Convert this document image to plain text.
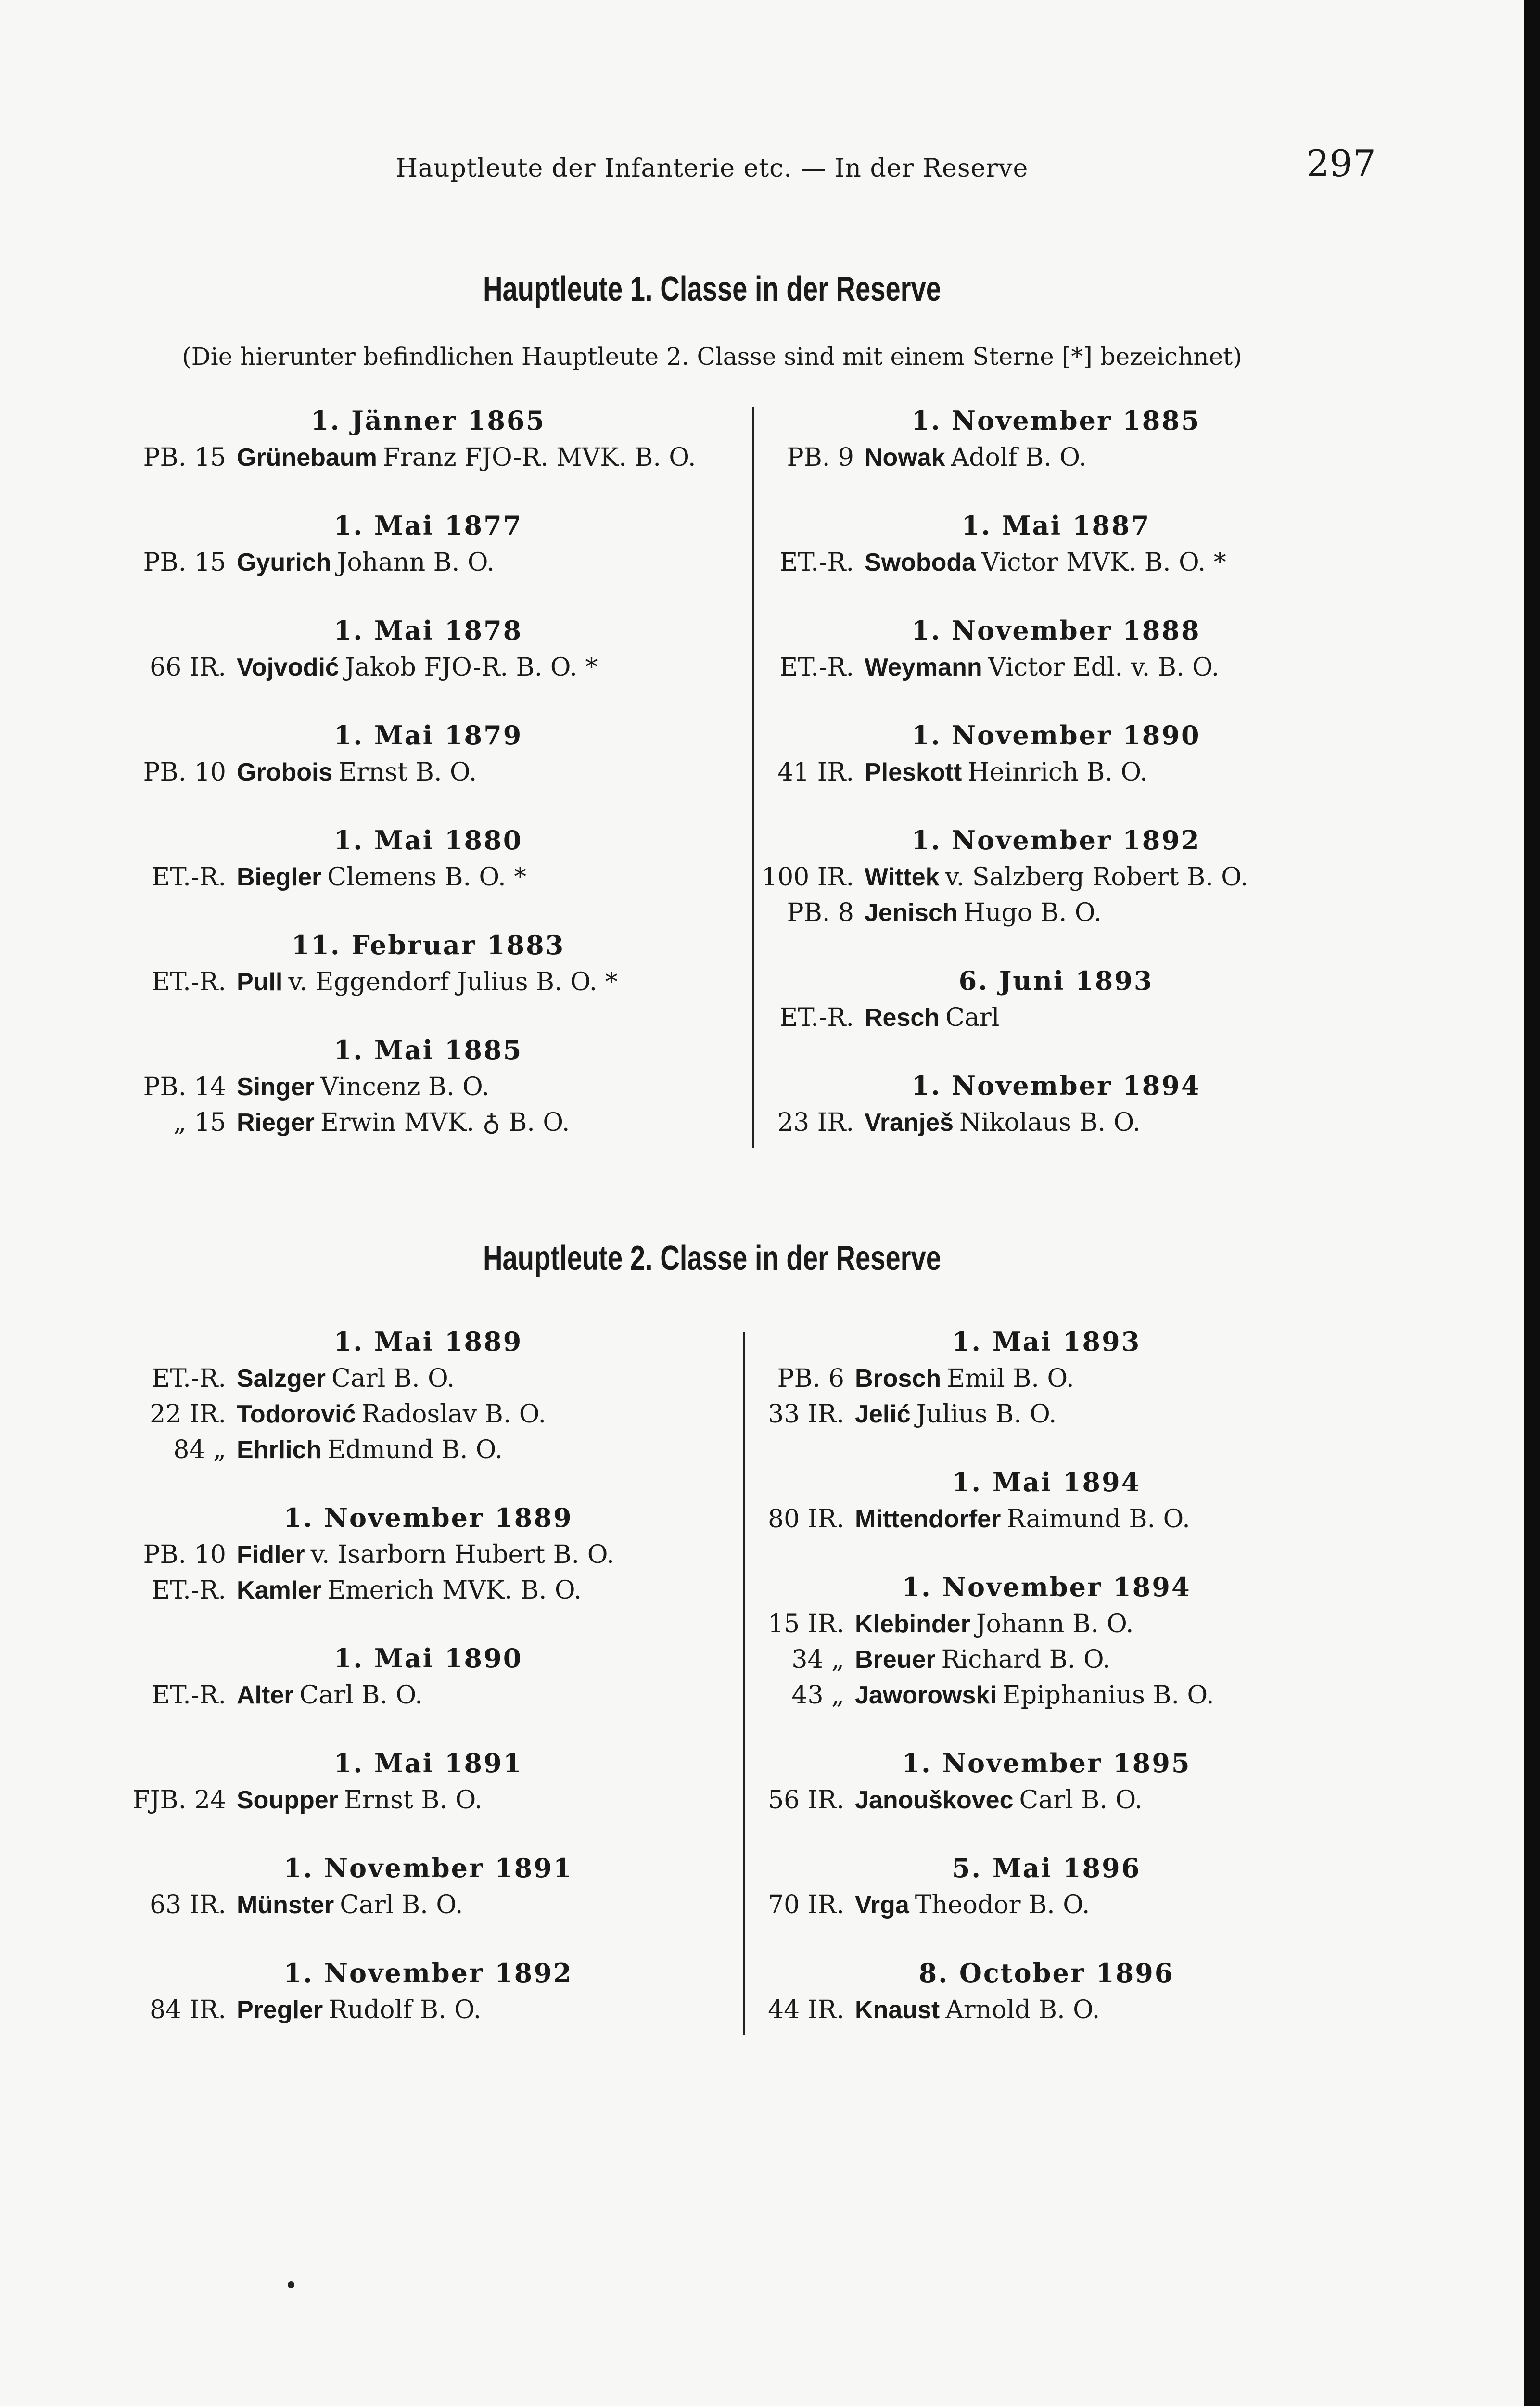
Hauptleute der Infanterie etc. — In der Reserve	297
Hauptleute 1. Classe in der Reserve
(Die hierunter befindlichen Hauptleute 2. Classe sind mit einem Sterne [*] bezeichnet)
1. Jänner 1865
PB. 15 Grünebaum Franz FJO-R. MVK. B. O.
1. Mai 1877
PB. 15 Gyurich Johann B. O.
1. Mai 1878
66 IR. Vojvodić Jakob FJO-R. B. O. *
1. Mai 1879
PB. 10 Grobois Ernst B. O.
1. Mai 1880
ET.-R. Biegler Clemens B. O. *
11. Februar 1883
ET.-R. Pull v. Eggendorf Julius B. O. *
1. Mai 1885
PB. 14 Singer Vincenz B. O.
„ 15 Rieger Erwin MVK. ♁ B. O.
1. November 1885
PB. 9 Nowak Adolf B. O.
1. Mai 1887
ET.-R. Swoboda Victor MVK. B. O. *
1. November 1888
ET.-R. Weymann Victor Edl. v. B. O.
1. November 1890
41 IR. Pleskott Heinrich B. O.
1. November 1892
100 IR. Wittek v. Salzberg Robert B. O.
PB. 8 Jenisch Hugo B. O.
6. Juni 1893
ET.-R. Resch Carl
1. November 1894
23 IR. Vranješ Nikolaus B. O.
Hauptleute 2. Classe in der Reserve
1. Mai 1889
ET.-R. Salzger Carl B. O.
22 IR. Todorović Radoslav B. O.
84 „ Ehrlich Edmund B. O.
1. November 1889
PB. 10 Fidler v. Isarborn Hubert B. O.
ET.-R. Kamler Emerich MVK. B. O.
1. Mai 1890
ET.-R. Alter Carl B. O.
1. Mai 1891
FJB. 24 Soupper Ernst B. O.
1. November 1891
63 IR. Münster Carl B. O.
1. November 1892
84 IR. Pregler Rudolf B. O.
1. Mai 1893
PB. 6 Brosch Emil B. O.
33 IR. Jelić Julius B. O.
1. Mai 1894
80 IR. Mittendorfer Raimund B. O.
1. November 1894
15 IR. Klebinder Johann B. O.
34 „ Breuer Richard B. O.
43 „ Jaworowski Epiphanius B. O.
1. November 1895
56 IR. Janouškovec Carl B. O.
5. Mai 1896
70 IR. Vrga Theodor B. O.
8. October 1896
44 IR. Knaust Arnold B. O.
